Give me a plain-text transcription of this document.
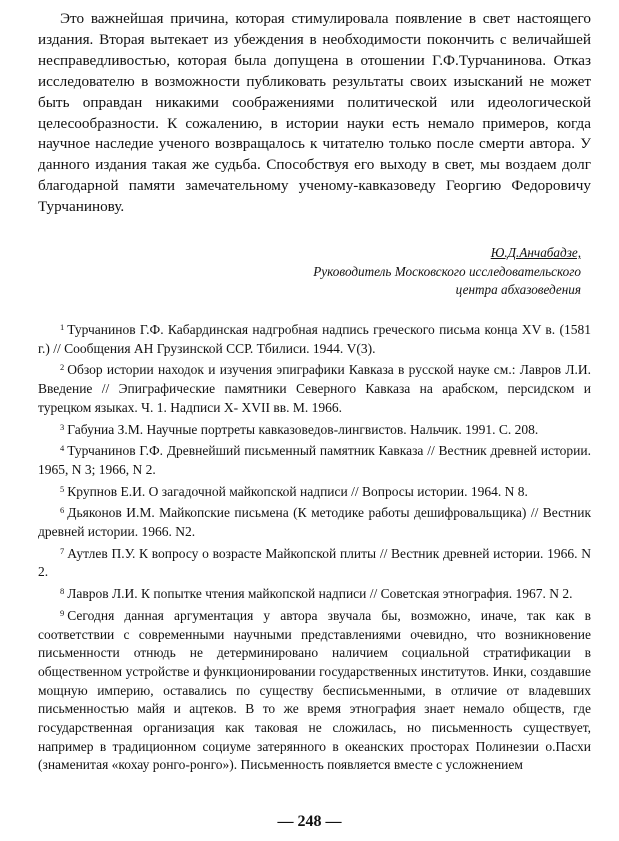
Это важнейшая причина, которая стимулировала появление в свет настоящего издания. Вторая вытекает из убеждения в необходимости покончить с величайшей несправедливостью, которая была допущена в отошении Г.Ф.Турчанинова. Отказ исследователю в возможности публиковать результаты своих изысканий не может быть оправдан никакими соображениями политической или идеологической целесообразности. К сожалению, в истории науки есть немало примеров, когда научное наследие ученого возвращалось к читателю только после смерти автора. У данного издания такая же судьба. Способствуя его выходу в свет, мы воздаем долг благодарной памяти замечательному ученому-кавказоведу Георгию Федоровичу Турчанинову.

Ю.Д.Анчабадзе,
Руководитель Московского исследовательского
центра абхазоведения

$^1$ Турчанинов Г.Ф. Кабардинская надгробная надпись греческого письма конца XV в. (1581 г.) // Сообщения АН Грузинской ССР. Тбилиси. 1944. V(3).

$^2$ Обзор истории находок и изучения эпиграфики Кавказа в русской науке см.: Лавров Л.И. Введение // Эпиграфические памятники Северного Кавказа на арабском, персидском и турецком языках. Ч. 1. Надписи X- XVII вв. М. 1966.

$^3$ Габуниа З.М. Научные портреты кавказоведов-лингвистов. Нальчик. 1991. С. 208.

$^4$ Турчанинов Г.Ф. Древнейший письменный памятник Кавказа // Вестник древней истории. 1965, N 3; 1966, N 2.

$^5$ Крупнов Е.И. О загадочной майкопской надписи // Вопросы истории. 1964. N 8.

$^6$ Дьяконов И.М. Майкопские письмена (К методике работы дешифровальщика) // Вестник древней истории. 1966. N2.

$^7$ Аутлев П.У. К вопросу о возрасте Майкопской плиты // Вестник древней истории. 1966. N 2.

$^8$ Лавров Л.И. К попытке чтения майкопской надписи // Советская этнография. 1967. N 2.

$^9$ Сегодня данная аргументация у автора звучала бы, возможно, иначе, так как в соответствии с современными научными представлениями очевидно, что возникновение письменности отнюдь не детерминировано наличием социальной стратификации в общественном устройстве и функционировании государственных институтов. Инки, создавшие мощную империю, оставались по существу бесписьменными, в отличие от владевших письменностью майя и ацтеков. В то же время этнография знает немало обществ, где государственная организация как таковая не сложилась, но письменность существует, например в традиционном социуме затерянного в океанских просторах Полинезии о.Пасхи (знаменитая «кохау ронго-ронго»). Письменность появляется вместе с усложнением

— 248 —
